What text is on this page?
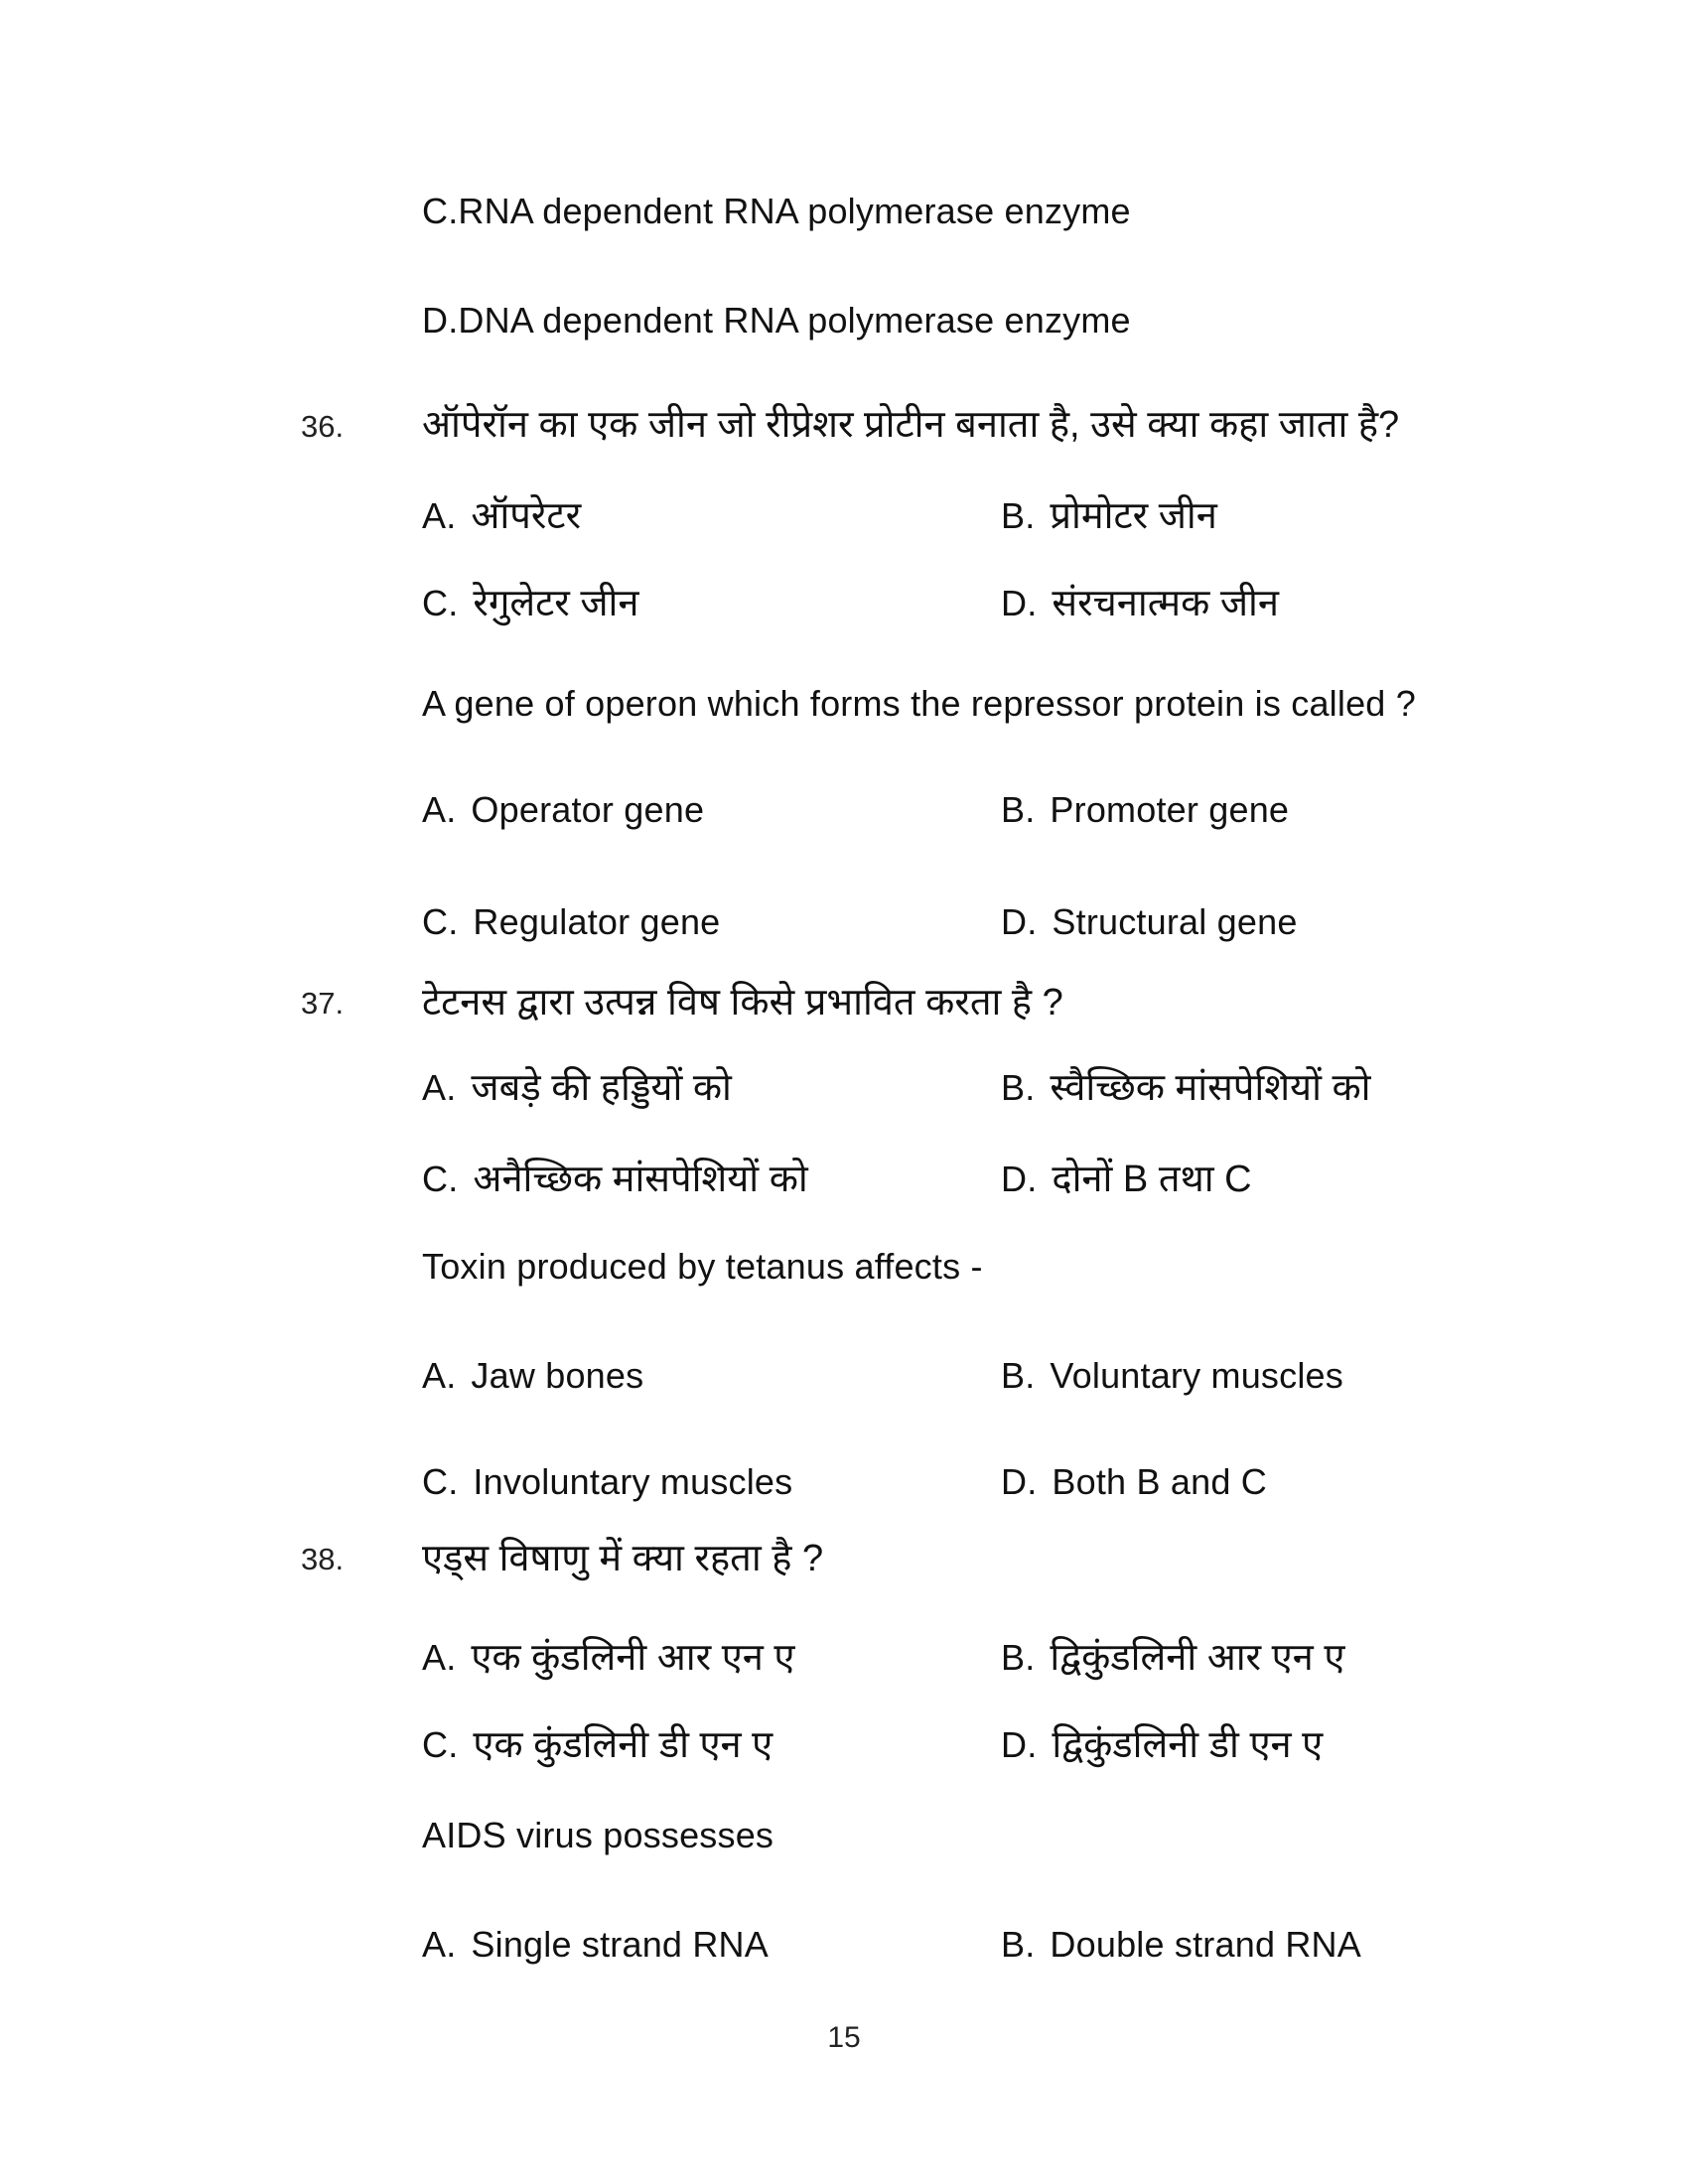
C.RNA dependent RNA polymerase enzyme
D.DNA dependent RNA polymerase enzyme
36. ऑपेरॉन का एक जीन जो रीप्रेशर प्रोटीन बनाता है, उसे क्या कहा जाता है?
A. ऑपरेटर	B. प्रोमोटर जीन
C. रेगुलेटर जीन	D. संरचनात्मक जीन
A gene of operon which forms the repressor protein is called ?
A. Operator gene	B. Promoter gene
C. Regulator gene	D. Structural gene
37. टेटनस द्वारा उत्पन्न विष किसे प्रभावित करता है ?
A. जबड़े की हड्डियों को	B. स्वैच्छिक मांसपेशियों को
C. अनैच्छिक मांसपेशियों को	D. दोनों B तथा C
Toxin produced by tetanus affects -
A. Jaw bones	B. Voluntary muscles
C. Involuntary muscles	D. Both B and C
38. एड्स विषाणु में क्या रहता है ?
A. एक कुंडलिनी आर एन ए	B. द्विकुंडलिनी आर एन ए
C. एक कुंडलिनी डी एन ए	D. द्विकुंडलिनी डी एन ए
AIDS virus possesses
A. Single strand RNA	B. Double strand RNA
15
